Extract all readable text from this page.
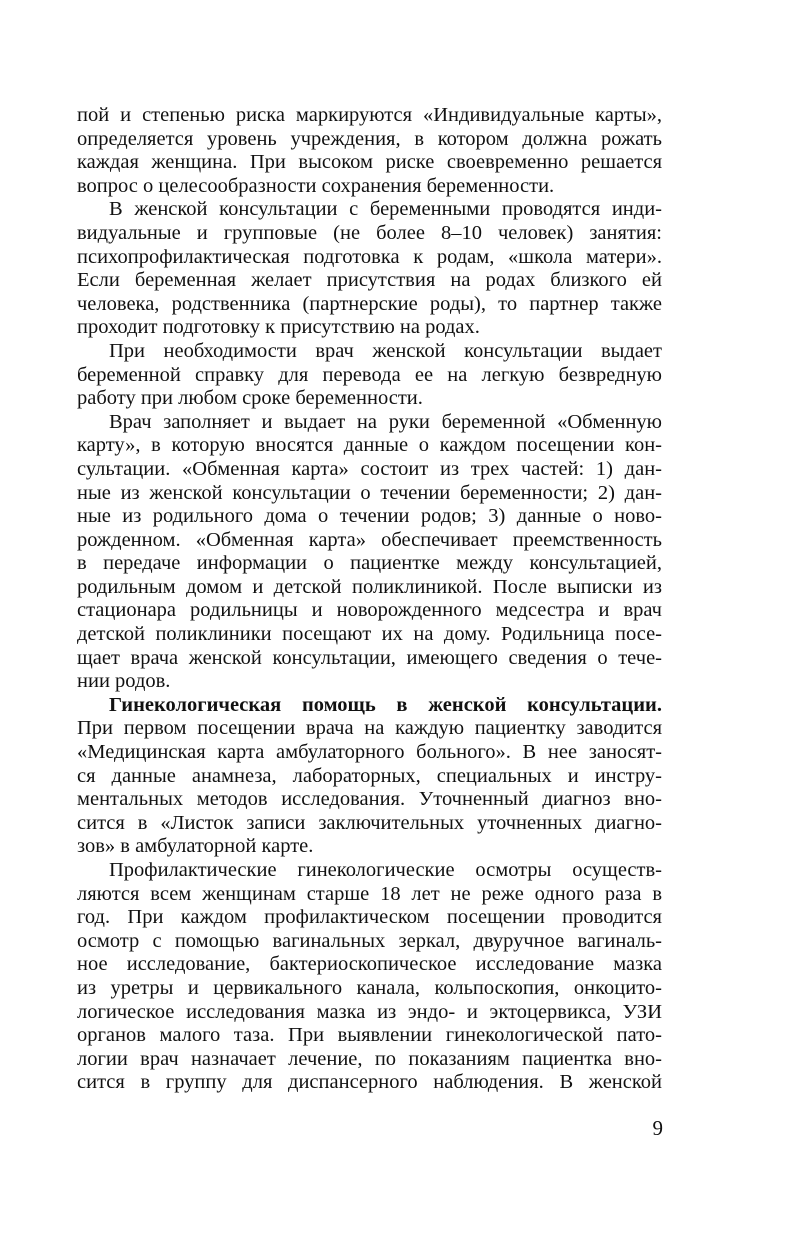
пой и степенью риска маркируются «Индивидуальные карты»,
определяется уровень учреждения, в котором должна рожать
каждая женщина. При высоком риске своевременно решается
вопрос о целесообразности сохранения беременности.
В женской консультации с беременными проводятся инди-
видуальные и групповые (не более 8–10 человек) занятия:
психопрофилактическая подготовка к родам, «школа матери».
Если беременная желает присутствия на родах близкого ей
человека, родственника (партнерские роды), то партнер также
проходит подготовку к присутствию на родах.
При необходимости врач женской консультации выдает
беременной справку для перевода ее на легкую безвредную
работу при любом сроке беременности.
Врач заполняет и выдает на руки беременной «Обменную
карту», в которую вносятся данные о каждом посещении кон-
сультации. «Обменная карта» состоит из трех частей: 1) дан-
ные из женской консультации о течении беременности; 2) дан-
ные из родильного дома о течении родов; 3) данные о ново-
рожденном. «Обменная карта» обеспечивает преемственность
в передаче информации о пациентке между консультацией,
родильным домом и детской поликлиникой. После выписки из
стационара родильницы и новорожденного медсестра и врач
детской поликлиники посещают их на дому. Родильница посе-
щает врача женской консультации, имеющего сведения о тече-
нии родов.
Гинекологическая помощь в женской консультации.
При первом посещении врача на каждую пациентку заводится
«Медицинская карта амбулаторного больного». В нее заносят-
ся данные анамнеза, лабораторных, специальных и инстру-
ментальных методов исследования. Уточненный диагноз вно-
сится в «Листок записи заключительных уточненных диагно-
зов» в амбулаторной карте.
Профилактические гинекологические осмотры осуществ-
ляются всем женщинам старше 18 лет не реже одного раза в
год. При каждом профилактическом посещении проводится
осмотр с помощью вагинальных зеркал, двуручное вагиналь-
ное исследование, бактериоскопическое исследование мазка
из уретры и цервикального канала, кольпоскопия, онкоцито-
логическое исследования мазка из эндо- и эктоцервикса, УЗИ
органов малого таза. При выявлении гинекологической пато-
логии врач назначает лечение, по показаниям пациентка вно-
сится в группу для диспансерного наблюдения. В женской
9
